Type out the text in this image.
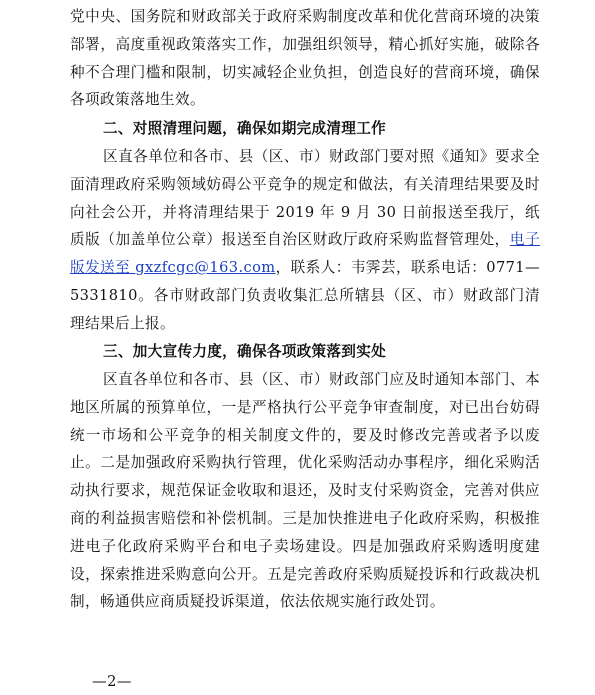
党中央、国务院和财政部关于政府采购制度改革和优化营商环境的决策部署，高度重视政策落实工作，加强组织领导，精心抓好实施，破除各种不合理门槛和限制，切实减轻企业负担，创造良好的营商环境，确保各项政策落地生效。

二、对照清理问题，确保如期完成清理工作

区直各单位和各市、县（区、市）财政部门要对照《通知》要求全面清理政府采购领域妨碍公平竞争的规定和做法，有关清理结果要及时向社会公开，并将清理结果于 2019 年 9 月 30 日前报送至我厅，纸质版（加盖单位公章）报送至自治区财政厅政府采购监督管理处，电子版发送至 gxzfcgc@163.com，联系人：韦霁芸，联系电话：0771—5331810。各市财政部门负责收集汇总所辖县（区、市）财政部门清理结果后上报。

三、加大宣传力度，确保各项政策落到实处

区直各单位和各市、县（区、市）财政部门应及时通知本部门、本地区所属的预算单位，一是严格执行公平竞争审查制度，对已出台妨碍统一市场和公平竞争的相关制度文件的，要及时修改完善或者予以废止。二是加强政府采购执行管理，优化采购活动办事程序，细化采购活动执行要求，规范保证金收取和退还，及时支付采购资金，完善对供应商的利益损害赔偿和补偿机制。三是加快推进电子化政府采购，积极推进电子化政府采购平台和电子卖场建设。四是加强政府采购透明度建设，探索推进采购意向公开。五是完善政府采购质疑投诉和行政裁决机制，畅通供应商质疑投诉渠道，依法依规实施行政处罚。

—2—
